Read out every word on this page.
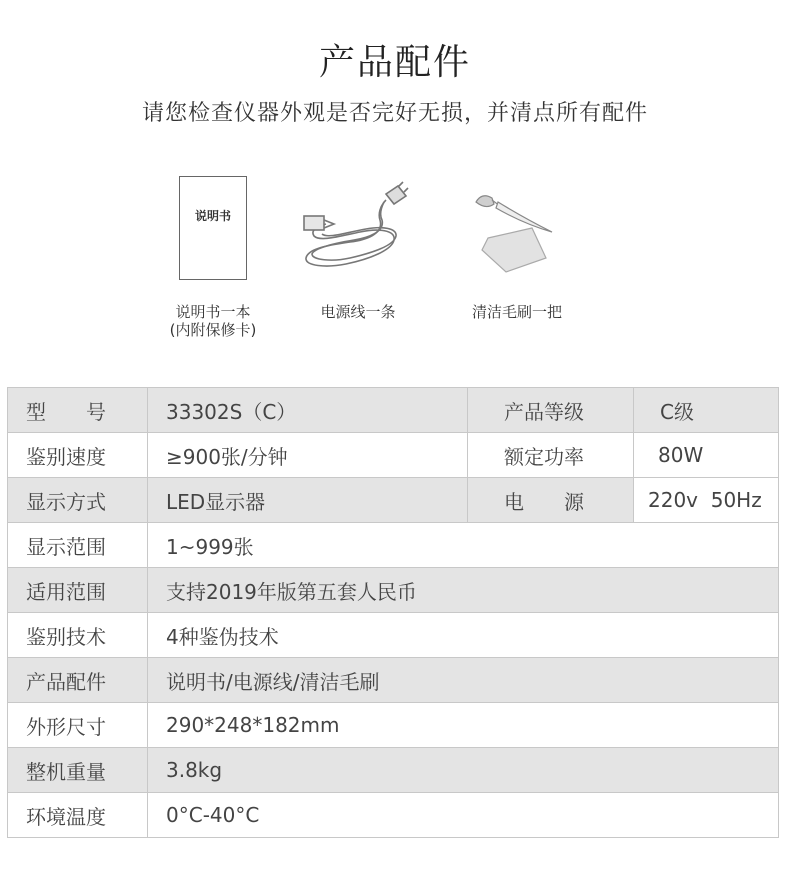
产品配件
请您检查仪器外观是否完好无损，并清点所有配件
说明书
说明书一本
(内附保修卡)
电源线一条	清洁毛刷一把
型　　号	33302S（C）	产品等级	C级
鉴别速度	≥900张/分钟	额定功率	80W
显示方式	LED显示器	电　　源	220v  50Hz
显示范围	1~999张		
适用范围	支持2019年版第五套人民币		
鉴别技术	4种鉴伪技术		
产品配件	说明书/电源线/清洁毛刷		
外形尺寸	290*248*182mm		
整机重量	3.8kg		
环境温度	0°C-40°C		
